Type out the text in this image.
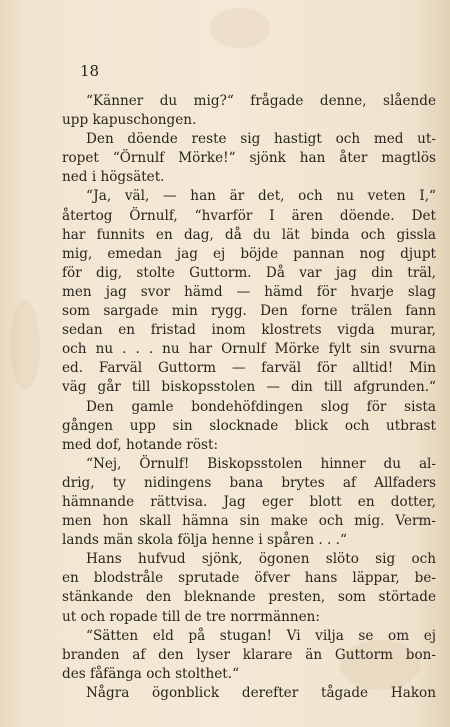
18
“Känner du mig?“ frågade denne, slående
upp kapuschongen.
Den döende reste sig hastigt och med ut-
ropet “Örnulf Mörke!“ sjönk han åter magtlös
ned i högsätet.
“Ja, väl, — han är det, och nu veten I,“
återtog Örnulf, “hvarför I ären döende. Det
har funnits en dag, då du lät binda och gissla
mig, emedan jag ej böjde pannan nog djupt
för dig, stolte Guttorm. Då var jag din träl,
men jag svor hämd — hämd för hvarje slag
som sargade min rygg. Den forne trälen fann
sedan en fristad inom klostrets vigda murar,
och nu . . . nu har Ornulf Mörke fylt sin svurna
ed. Farväl Guttorm — farväl för alltid! Min
väg går till biskopsstolen — din till afgrunden.“
Den gamle bondehöfdingen slog för sista
gången upp sin slocknade blick och utbrast
med dof, hotande röst:
“Nej, Örnulf! Biskopsstolen hinner du al-
drig, ty nidingens bana brytes af Allfaders
hämnande rättvisa. Jag eger blott en dotter,
men hon skall hämna sin make och mig. Verm-
lands män skola följa henne i spåren . . .“
Hans hufvud sjönk, ögonen slöto sig och
en blodstråle sprutade öfver hans läppar, be-
stänkande den bleknande presten, som störtade
ut och ropade till de tre norrmännen:
“Sätten eld på stugan! Vi vilja se om ej
branden af den lyser klarare än Guttorm bon-
des fåfänga och stolthet.“
Några ögonblick derefter tågade Hakon
